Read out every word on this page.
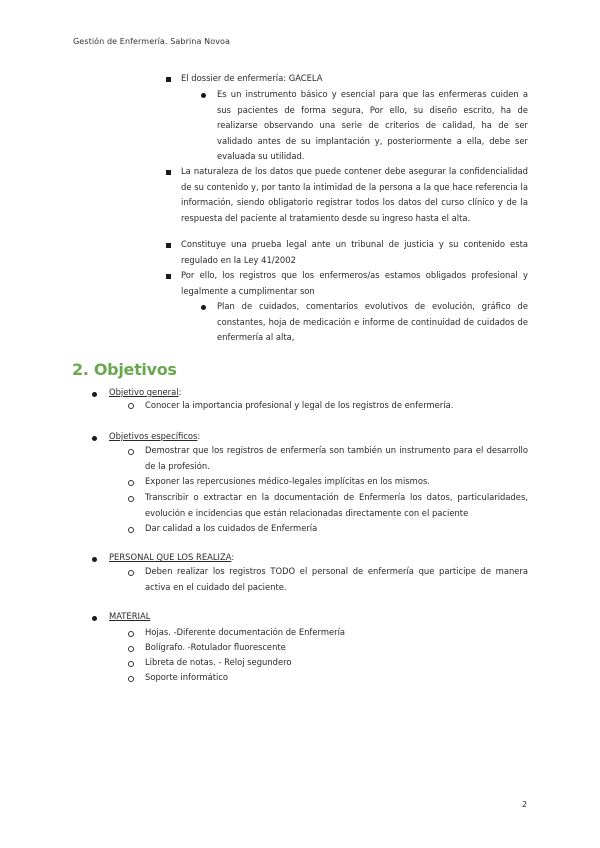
Gestión de Enfermería. Sabrina Novoa
El dossier de enfermería: GACELA
Es un instrumento básico y esencial para que las enfermeras cuiden a sus pacientes de forma segura, Por ello, su diseño escrito, ha de realizarse observando una serie de criterios de calidad, ha de ser validado antes de su implantación y, posteriormente a ella, debe ser evaluada su utilidad.
La naturaleza de los datos que puede contener debe asegurar la confidencialidad de su contenido y, por tanto la intimidad de la persona a la que hace referencia la información, siendo obligatorio registrar todos los datos del curso clínico y de la respuesta del paciente al tratamiento desde su ingreso hasta el alta.
Constituye una prueba legal ante un tribunal de justicia y su contenido esta regulado en la Ley 41/2002
Por ello, los registros que los enfermeros/as estamos obligados profesional y legalmente a cumplimentar son
Plan de cuidados, comentarios evolutivos de evolución, gráfico de constantes, hoja de medicación e informe de continuidad de cuidados de enfermería al alta,
2. Objetivos
Objetivo general:
Conocer la importancia profesional y legal de los registros de enfermería.
Objetivos específicos:
Demostrar que los registros de enfermería son también un instrumento para el desarrollo de la profesión.
Exponer las repercusiones médico-legales implícitas en los mismos.
Transcribir o extractar en la documentación de Enfermería los datos, particularidades, evolución e incidencias que están relacionadas directamente con el paciente
Dar calidad a los cuidados de Enfermería
PERSONAL QUE LOS REALIZA:
Deben realizar los registros TODO el personal de enfermería que participe de manera activa en el cuidado del paciente.
MATERIAL
Hojas. -Diferente documentación de Enfermería
Bolígrafo. -Rotulador fluorescente
Libreta de notas. - Reloj segundero
Soporte informático
2
